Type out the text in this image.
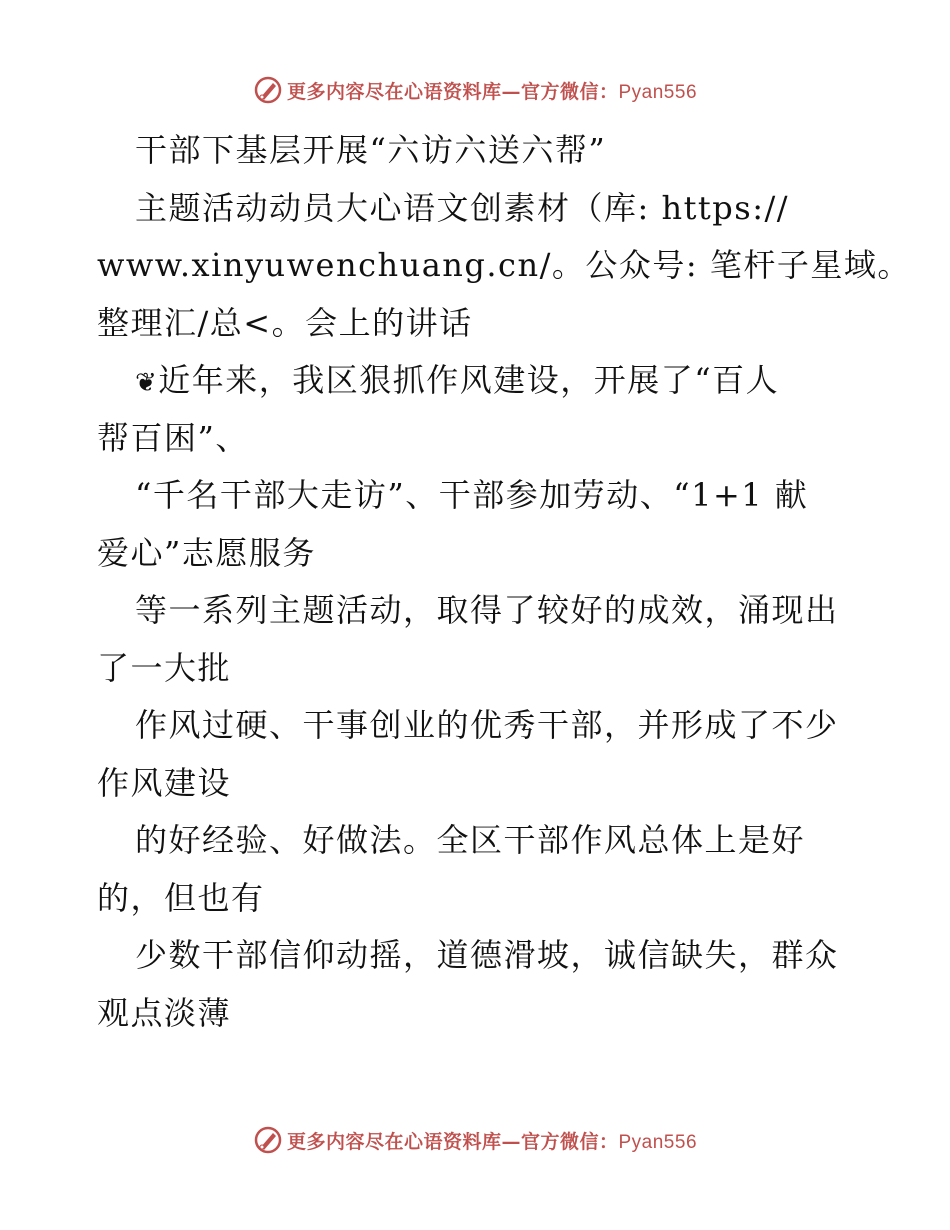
更多内容尽在心语资料库—官方微信：Pyan556
干部下基层开展“六访六送六帮”
主题活动动员大心语文创素材（库: https://
www.xinyuwenchuang.cn/。公众号: 笔杆子星域。
整理汇/总<。会上的讲话
❦近年来，我区狠抓作风建设，开展了“百人
帮百困”、
“千名干部大走访”、干部参加劳动、“1+1 献
爱心”志愿服务
等一系列主题活动，取得了较好的成效，涌现出
了一大批
作风过硬、干事创业的优秀干部，并形成了不少
作风建设
的好经验、好做法。全区干部作风总体上是好
的，但也有
少数干部信仰动摇，道德滑坡，诚信缺失，群众
观点淡薄
更多内容尽在心语资料库—官方微信：Pyan556
